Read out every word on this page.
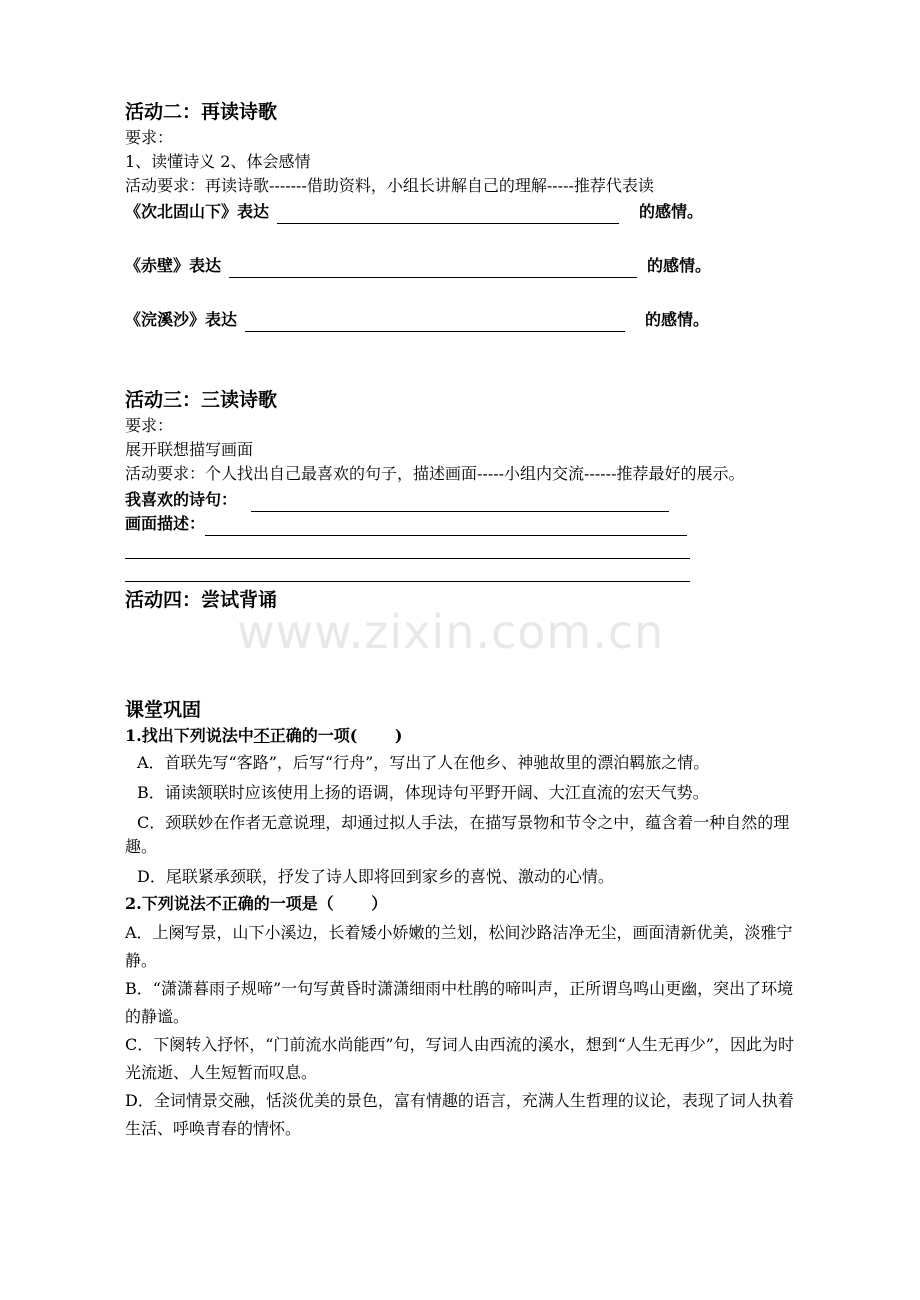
www.zixin.com.cn

活动二：再读诗歌

要求：

1、读懂诗义 2、体会感情

活动要求：再读诗歌-------借助资料，小组长讲解自己的理解-----推荐代表读

《次北固山下》表达	的感情。
《赤壁》表达	的感情。
《浣溪沙》表达	的感情。

活动三：三读诗歌

要求：

展开联想描写画面

活动要求：个人找出自己最喜欢的句子，描述画面-----小组内交流------推荐最好的展示。

我喜欢的诗句：
画面描述：

活动四：尝试背诵

课堂巩固

1.找出下列说法中不正确的一项(　　 )

A．首联先写“客路”，后写“行舟”，写出了人在他乡、神驰故里的漂泊羁旅之情。

B．诵读颔联时应该使用上扬的语调，体现诗句平野开阔、大江直流的宏天气势。

C．颈联妙在作者无意说理，却通过拟人手法，在描写景物和节令之中，蕴含着一种自然的理趣。

D．尾联紧承颈联，抒发了诗人即将回到家乡的喜悦、激动的心情。

2.下列说法不正确的一项是（　　 ）

A．上阕写景，山下小溪边，长着矮小娇嫩的兰划，松间沙路洁净无尘，画面清新优美，淡雅宁静。

B．“潇潇暮雨子规啼”一句写黄昏时潇潇细雨中杜鹃的啼叫声，正所谓鸟鸣山更幽，突出了环境的静谧。

C．下阕转入抒怀，“门前流水尚能西”句，写词人由西流的溪水，想到“人生无再少”，因此为时光流逝、人生短暂而叹息。

D．全词情景交融，恬淡优美的景色，富有情趣的语言，充满人生哲理的议论，表现了词人执着生活、呼唤青春的情怀。
